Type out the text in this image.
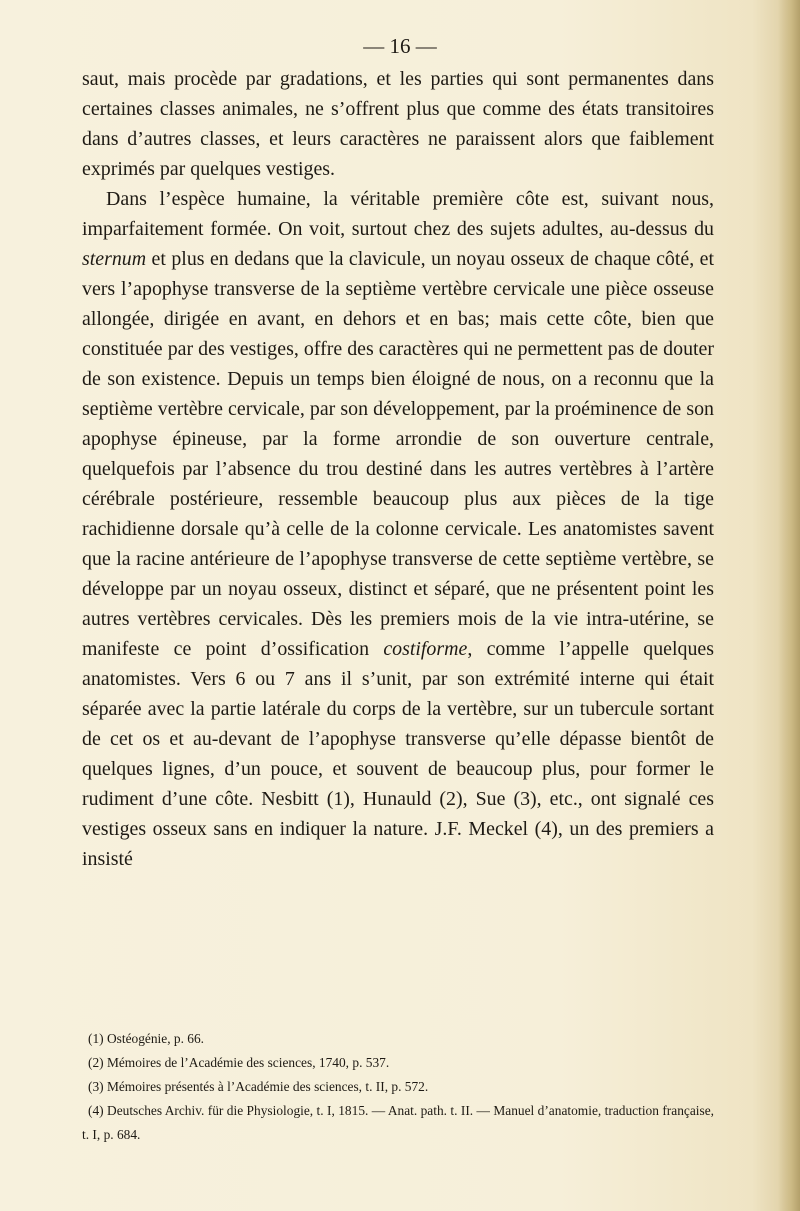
— 16 —

saut, mais procède par gradations, et les parties qui sont permanentes dans certaines classes animales, ne s’offrent plus que comme des états transitoires dans d’autres classes, et leurs caractères ne paraissent alors que faiblement exprimés par quelques vestiges.

Dans l’espèce humaine, la véritable première côte est, suivant nous, imparfaitement formée. On voit, surtout chez des sujets adultes, au-dessus du sternum et plus en dedans que la clavicule, un noyau osseux de chaque côté, et vers l’apophyse transverse de la septième vertèbre cervicale une pièce osseuse allongée, dirigée en avant, en dehors et en bas; mais cette côte, bien que constituée par des vestiges, offre des caractères qui ne permettent pas de douter de son existence. Depuis un temps bien éloigné de nous, on a reconnu que la septième vertèbre cervicale, par son développement, par la proéminence de son apophyse épineuse, par la forme arrondie de son ouverture centrale, quelquefois par l’absence du trou destiné dans les autres vertèbres à l’artère cérébrale postérieure, ressemble beaucoup plus aux pièces de la tige rachidienne dorsale qu’à celle de la colonne cervicale. Les anatomistes savent que la racine antérieure de l’apophyse transverse de cette septième vertèbre, se développe par un noyau osseux, distinct et séparé, que ne présentent point les autres vertèbres cervicales. Dès les premiers mois de la vie intra-utérine, se manifeste ce point d’ossification costiforme, comme l’appelle quelques anatomistes. Vers 6 ou 7 ans il s’unit, par son extrémité interne qui était séparée avec la partie latérale du corps de la vertèbre, sur un tubercule sortant de cet os et au-devant de l’apophyse transverse qu’elle dépasse bientôt de quelques lignes, d’un pouce, et souvent de beaucoup plus, pour former le rudiment d’une côte. Nesbitt (1), Hunauld (2), Sue (3), etc., ont signalé ces vestiges osseux sans en indiquer la nature. J.F. Meckel (4), un des premiers a insisté

(1) Ostéogénie, p. 66.

(2) Mémoires de l’Académie des sciences, 1740, p. 537.

(3) Mémoires présentés à l’Académie des sciences, t. II, p. 572.

(4) Deutsches Archiv. für die Physiologie, t. I, 1815. — Anat. path. t. II. — Manuel d’anatomie, traduction française, t. I, p. 684.
